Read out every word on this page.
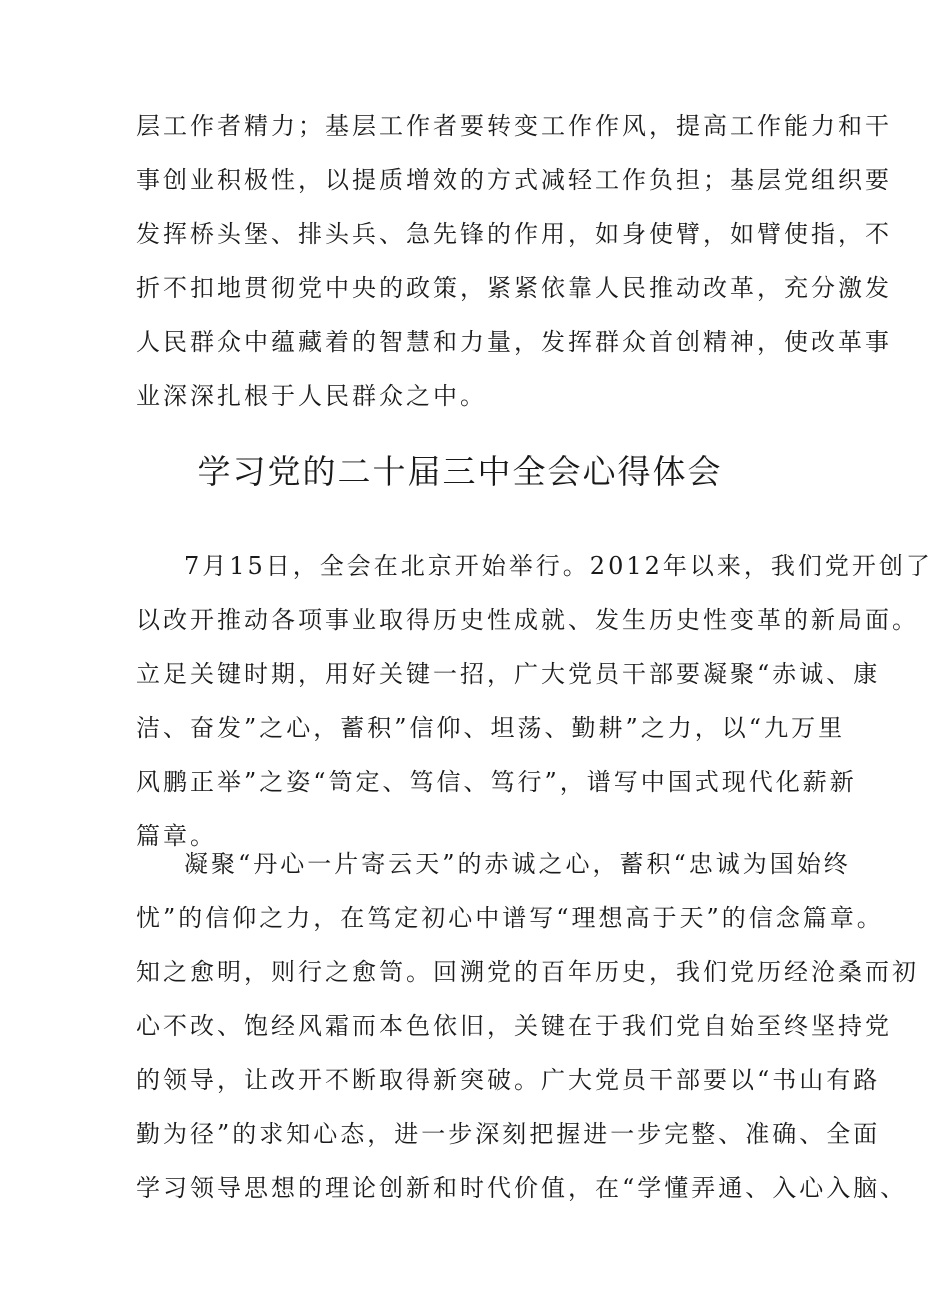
层工作者精力；基层工作者要转变工作作风，提高工作能力和干
事创业积极性，以提质增效的方式减轻工作负担；基层党组织要
发挥桥头堡、排头兵、急先锋的作用，如身使臂，如臂使指，不
折不扣地贯彻党中央的政策，紧紧依靠人民推动改革，充分激发
人民群众中蕴藏着的智慧和力量，发挥群众首创精神，使改革事
业深深扎根于人民群众之中。
学习党的二十届三中全会心得体会
7月15日，全会在北京开始举行。2012年以来，我们党开创了
以改开推动各项事业取得历史性成就、发生历史性变革的新局面。
立足关键时期，用好关键一招，广大党员干部要凝聚“赤诚、康
洁、奋发”之心，蓄积”信仰、坦荡、勤耕”之力，以“九万里
风鹏正举”之姿“笥定、笃信、笃行”，谱写中国式现代化薪新
篇章。
凝聚“丹心一片寄云天”的赤诚之心，蓄积“忠诚为国始终
忧”的信仰之力，在笃定初心中谱写“理想高于天”的信念篇章。
知之愈明，则行之愈笥。回溯党的百年历史，我们党历经沧桑而初
心不改、饱经风霜而本色依旧，关键在于我们党自始至终坚持党
的领导，让改开不断取得新突破。广大党员干部要以“书山有路
勤为径”的求知心态，进一步深刻把握进一步完整、准确、全面
学习领导思想的理论创新和时代价值，在“学懂弄通、入心入脑、
